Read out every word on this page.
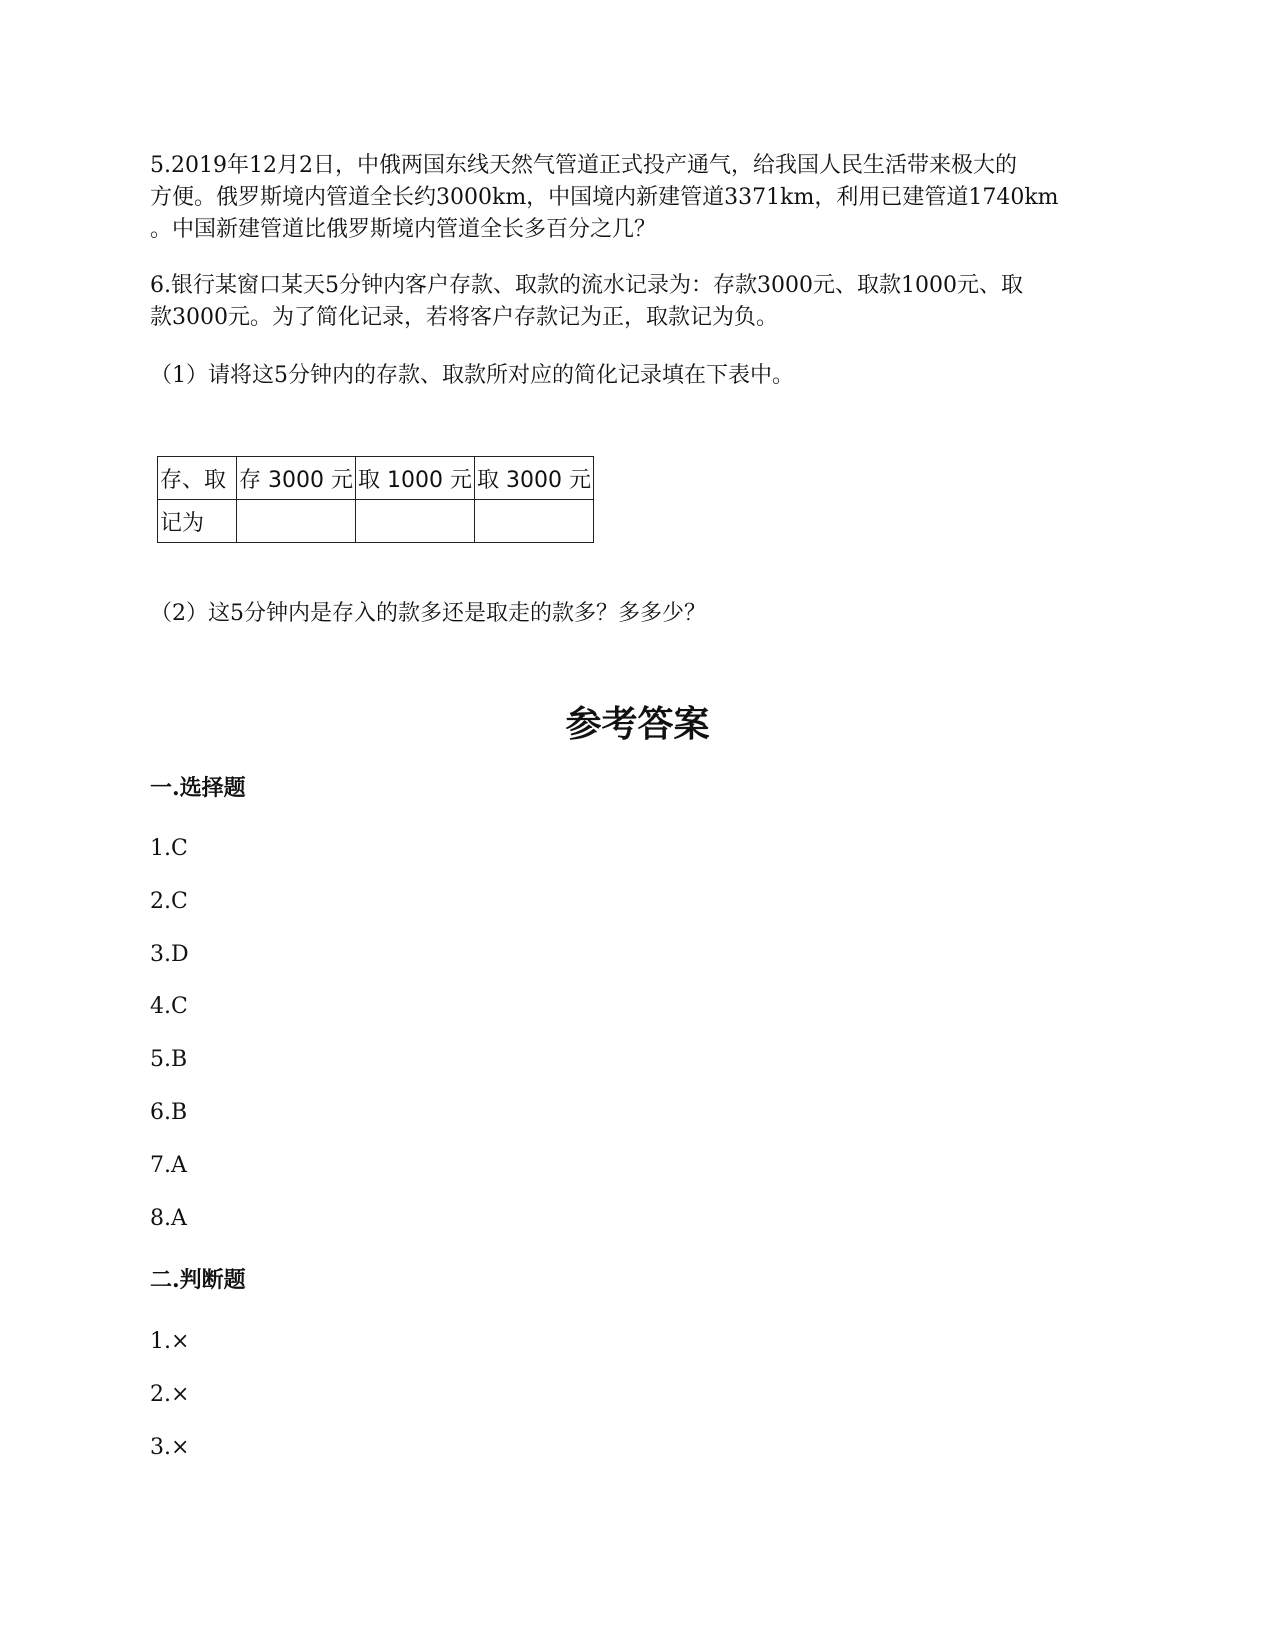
5.2019年12月2日，中俄两国东线天然气管道正式投产通气，给我国人民生活带来极大的
方便。俄罗斯境内管道全长约3000km，中国境内新建管道3371km，利用已建管道1740km
。中国新建管道比俄罗斯境内管道全长多百分之几？
6.银行某窗口某天5分钟内客户存款、取款的流水记录为：存款3000元、取款1000元、取
款3000元。为了简化记录，若将客户存款记为正，取款记为负。
（1）请将这5分钟内的存款、取款所对应的简化记录填在下表中。
存、取	存 3000 元	取 1000 元	取 3000 元
记为			
（2）这5分钟内是存入的款多还是取走的款多？多多少？
参考答案
一.选择题
1.C
2.C
3.D
4.C
5.B
6.B
7.A
8.A
二.判断题
1.×
2.×
3.×
